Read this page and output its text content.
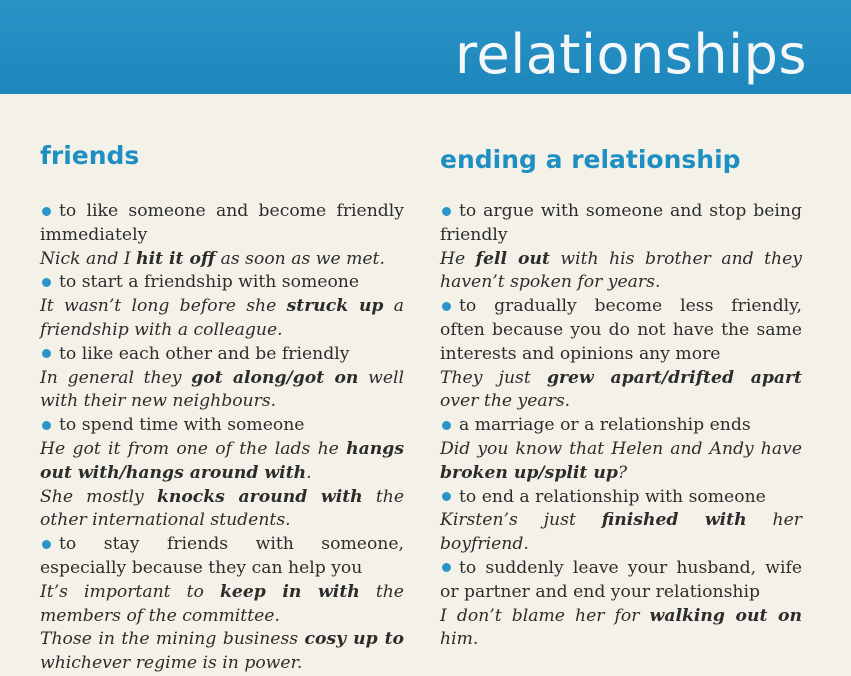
relationships
friends

to like someone and become friendly immediately

Nick and I hit it off as soon as we met.

to start a friendship with someone

It wasn’t long before she struck up a friendship with a colleague.

to like each other and be friendly

In general they got along/got on well with their new neighbours.

to spend time with someone

He got it from one of the lads he hangs out with/hangs around with.

She mostly knocks around with the other international students.

to stay friends with someone, especially because they can help you

It’s important to keep in with the members of the committee.

Those in the mining business cosy up to whichever regime is in power.

ending a relationship

to argue with someone and stop being friendly

He fell out with his brother and they haven’t spoken for years.

to gradually become less friendly, often because you do not have the same interests and opinions any more

They just grew apart/drifted apart over the years.

a marriage or a relationship ends

Did you know that Helen and Andy have broken up/split up?

to end a relationship with someone

Kirsten’s just finished with her boyfriend.

to suddenly leave your husband, wife or partner and end your relationship

I don’t blame her for walking out on him.
